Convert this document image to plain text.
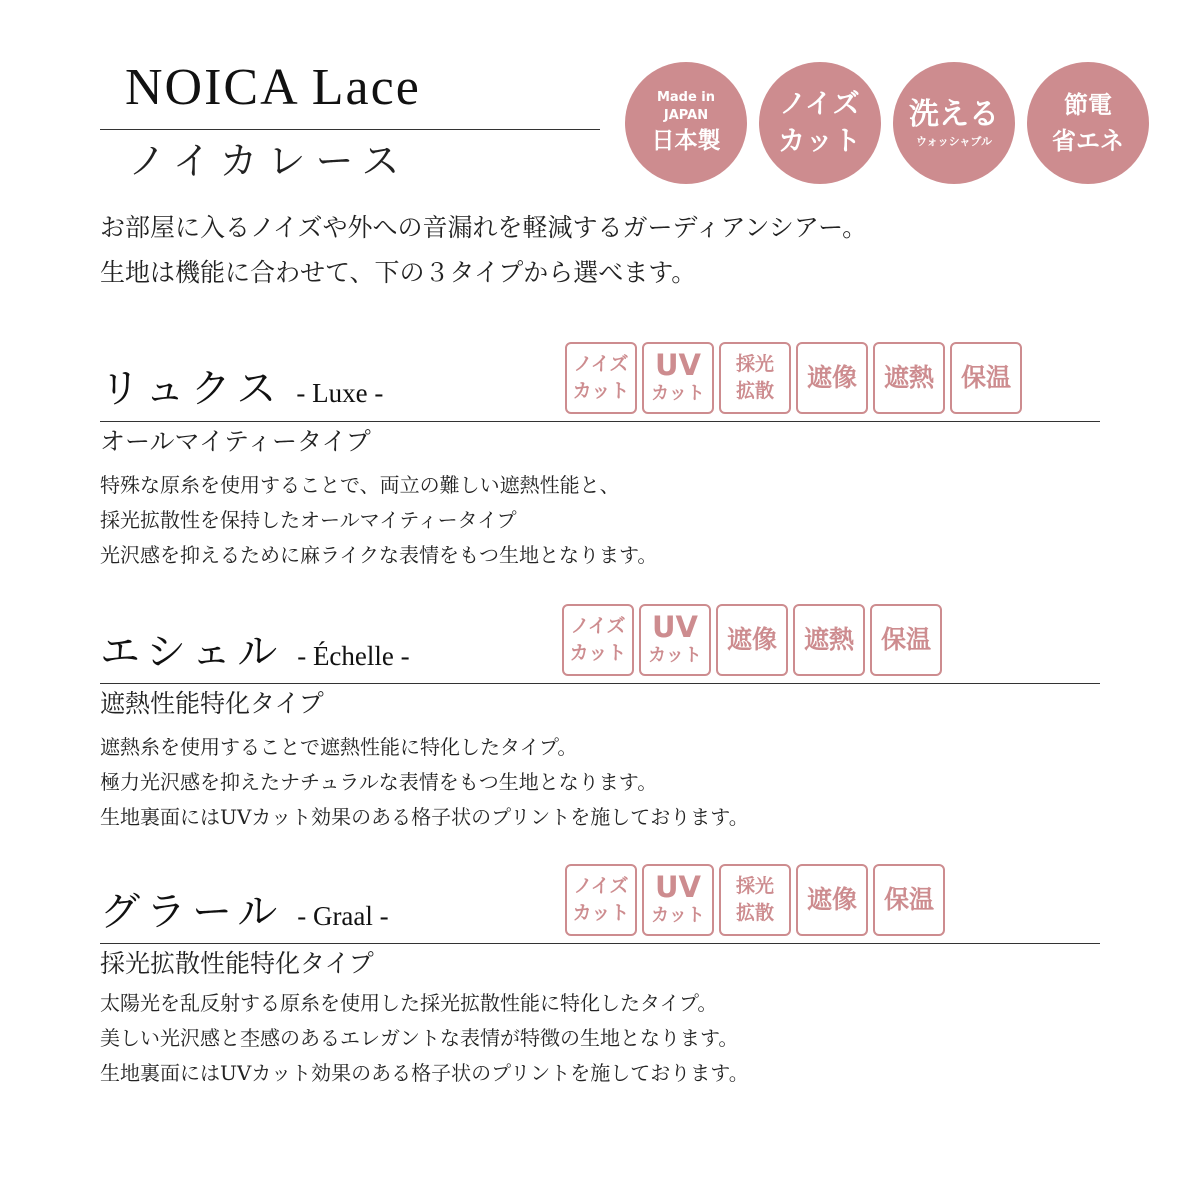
NOICA Lace
ノイカレース
Made in
JAPAN
日本製
ノイズ
カット
洗える
ウォッシャブル
節電
省エネ
お部屋に入るノイズや外への音漏れを軽減するガーディアンシアー。
生地は機能に合わせて、下の３タイプから選べます。
リュクス - Luxe -
ノイズ
カット
UV
カット
採光
拡散 遮像 遮熱 保温
オールマイティータイプ
特殊な原糸を使用することで、両立の難しい遮熱性能と、
採光拡散性を保持したオールマイティータイプ
光沢感を抑えるために麻ライクな表情をもつ生地となります。
エシェル - Échelle -
ノイズ
カット
UV
カット
遮像 遮熱 保温
遮熱性能特化タイプ
遮熱糸を使用することで遮熱性能に特化したタイプ。
極力光沢感を抑えたナチュラルな表情をもつ生地となります。
生地裏面にはUVカット効果のある格子状のプリントを施しております。
グラール - Graal -
ノイズ
カット
UV
カット
採光
拡散 遮像 保温
採光拡散性能特化タイプ
太陽光を乱反射する原糸を使用した採光拡散性能に特化したタイプ。
美しい光沢感と杢感のあるエレガントな表情が特徴の生地となります。
生地裏面にはUVカット効果のある格子状のプリントを施しております。
